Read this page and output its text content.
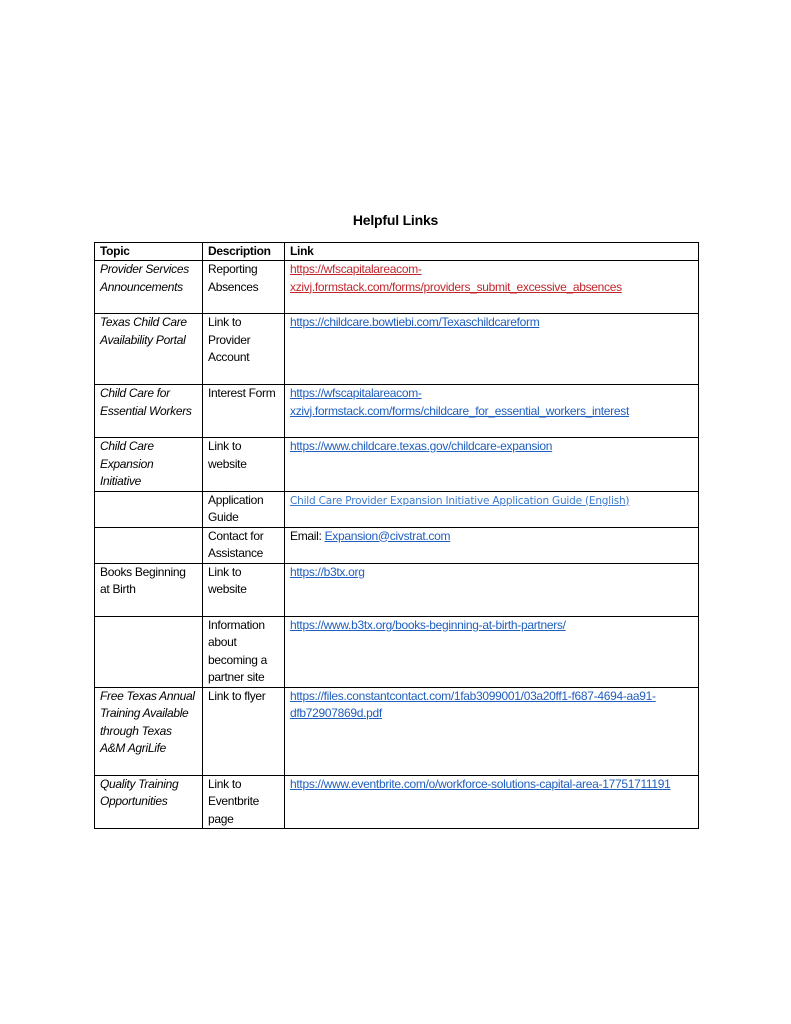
Helpful Links
Topic	Description	Link
Provider Services Announcements	Reporting Absences	https://wfscapitalareacom-xzivj.formstack.com/forms/providers_submit_excessive_absences
Texas Child Care Availability Portal	Link to Provider Account	https://childcare.bowtiebi.com/Texaschildcareform
Child Care for Essential Workers	Interest Form	https://wfscapitalareacom-xzivj.formstack.com/forms/childcare_for_essential_workers_interest
Child Care Expansion Initiative	Link to website	https://www.childcare.texas.gov/childcare-expansion
	Application Guide	Child Care Provider Expansion Initiative Application Guide (English)
	Contact for Assistance	Email: Expansion@civstrat.com
Books Beginning at Birth	Link to website	https://b3tx.org
	Information about becoming a partner site	https://www.b3tx.org/books-beginning-at-birth-partners/
Free Texas Annual Training Available through Texas A&M AgriLife	Link to flyer	https://files.constantcontact.com/1fab3099001/03a20ff1-f687-4694-aa91-dfb72907869d.pdf
Quality Training Opportunities	Link to Eventbrite page	https://www.eventbrite.com/o/workforce-solutions-capital-area-17751711191
